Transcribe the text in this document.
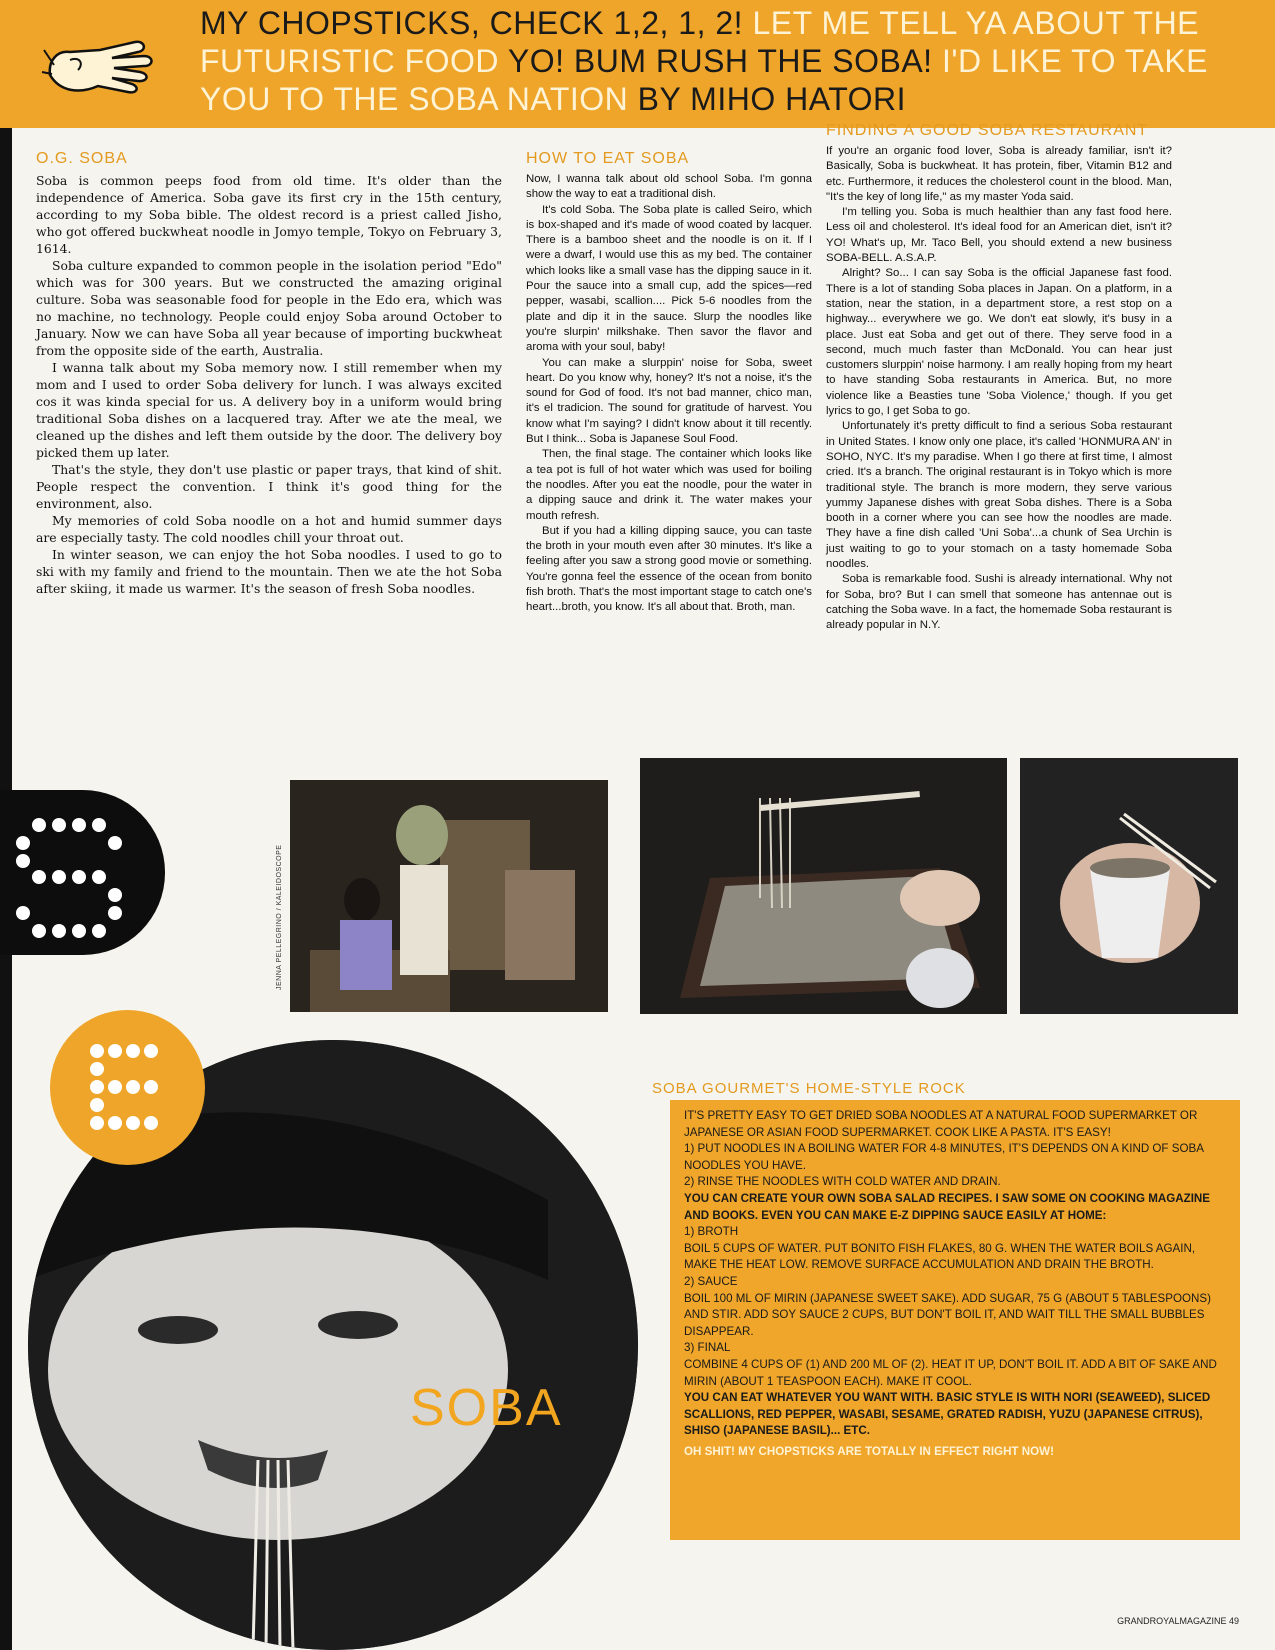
MY CHOPSTICKS, CHECK 1,2, 1, 2! LET ME TELL YA ABOUT THE FUTURISTIC FOOD YO! BUM RUSH THE SOBA! I'D LIKE TO TAKE YOU TO THE SOBA NATION BY MIHO HATORI
O.G. SOBA

Soba is common peeps food from old time. It's older than the independence of America. Soba gave its first cry in the 15th century, according to my Soba bible. The oldest record is a priest called Jisho, who got offered buckwheat noodle in Jomyo temple, Tokyo on February 3, 1614.

Soba culture expanded to common people in the isolation period "Edo" which was for 300 years. But we constructed the amazing original culture. Soba was seasonable food for people in the Edo era, which was no machine, no technology. People could enjoy Soba around October to January. Now we can have Soba all year because of importing buckwheat from the opposite side of the earth, Australia.

I wanna talk about my Soba memory now. I still remember when my mom and I used to order Soba delivery for lunch. I was always excited cos it was kinda special for us. A delivery boy in a uniform would bring traditional Soba dishes on a lacquered tray. After we ate the meal, we cleaned up the dishes and left them outside by the door. The delivery boy picked them up later.

That's the style, they don't use plastic or paper trays, that kind of shit. People respect the convention. I think it's good thing for the environment, also.

My memories of cold Soba noodle on a hot and humid summer days are especially tasty. The cold noodles chill your throat out.

In winter season, we can enjoy the hot Soba noodles. I used to go to ski with my family and friend to the mountain. Then we ate the hot Soba after skiing, it made us warmer. It's the season of fresh Soba noodles.

HOW TO EAT SOBA

Now, I wanna talk about old school Soba. I'm gonna show the way to eat a traditional dish.

It's cold Soba. The Soba plate is called Seiro, which is box-shaped and it's made of wood coated by lacquer. There is a bamboo sheet and the noodle is on it. If I were a dwarf, I would use this as my bed. The container which looks like a small vase has the dipping sauce in it. Pour the sauce into a small cup, add the spices—red pepper, wasabi, scallion.... Pick 5-6 noodles from the plate and dip it in the sauce. Slurp the noodles like you're slurpin' milkshake. Then savor the flavor and aroma with your soul, baby!

You can make a slurppin' noise for Soba, sweet heart. Do you know why, honey? It's not a noise, it's the sound for God of food. It's not bad manner, chico man, it's el tradicion. The sound for gratitude of harvest. You know what I'm saying? I didn't know about it till recently. But I think... Soba is Japanese Soul Food.

Then, the final stage. The container which looks like a tea pot is full of hot water which was used for boiling the noodles. After you eat the noodle, pour the water in a dipping sauce and drink it. The water makes your mouth refresh.

But if you had a killing dipping sauce, you can taste the broth in your mouth even after 30 minutes. It's like a feeling after you saw a strong good movie or something. You're gonna feel the essence of the ocean from bonito fish broth. That's the most important stage to catch one's heart...broth, you know. It's all about that. Broth, man.

FINDING A GOOD SOBA RESTAURANT

If you're an organic food lover, Soba is already familiar, isn't it? Basically, Soba is buckwheat. It has protein, fiber, Vitamin B12 and etc. Furthermore, it reduces the cholesterol count in the blood. Man, "It's the key of long life," as my master Yoda said.

I'm telling you. Soba is much healthier than any fast food here. Less oil and cholesterol. It's ideal food for an American diet, isn't it? YO! What's up, Mr. Taco Bell, you should extend a new business SOBA-BELL. A.S.A.P.

Alright? So... I can say Soba is the official Japanese fast food. There is a lot of standing Soba places in Japan. On a platform, in a station, near the station, in a department store, a rest stop on a highway... everywhere we go. We don't eat slowly, it's busy in a place. Just eat Soba and get out of there. They serve food in a second, much much faster than McDonald. You can hear just customers slurppin' noise harmony. I am really hoping from my heart to have standing Soba restaurants in America. But, no more violence like a Beasties tune 'Soba Violence,' though. If you get lyrics to go, I get Soba to go.

Unfortunately it's pretty difficult to find a serious Soba restaurant in United States. I know only one place, it's called 'HONMURA AN' in SOHO, NYC. It's my paradise. When I go there at first time, I almost cried. It's a branch. The original restaurant is in Tokyo which is more traditional style. The branch is more modern, they serve various yummy Japanese dishes with great Soba dishes. There is a Soba booth in a corner where you can see how the noodles are made. They have a fine dish called 'Uni Soba'...a chunk of Sea Urchin is just waiting to go to your stomach on a tasty homemade Soba noodles.

Soba is remarkable food. Sushi is already international. Why not for Soba, bro? But I can smell that someone has antennae out is catching the Soba wave. In a fact, the homemade Soba restaurant is already popular in N.Y.

JENNA PELLEGRINO / KALEIDOSCOPE
SOBA
SOBA GOURMET'S HOME-STYLE ROCK

IT'S PRETTY EASY TO GET DRIED SOBA NOODLES AT A NATURAL FOOD SUPERMARKET OR JAPANESE OR ASIAN FOOD SUPERMARKET. COOK LIKE A PASTA. IT'S EASY!

1) PUT NOODLES IN A BOILING WATER FOR 4-8 MINUTES, IT'S DEPENDS ON A KIND OF SOBA NOODLES YOU HAVE.

2) RINSE THE NOODLES WITH COLD WATER AND DRAIN.

YOU CAN CREATE YOUR OWN SOBA SALAD RECIPES. I SAW SOME ON COOKING MAGAZINE AND BOOKS. EVEN YOU CAN MAKE E-Z DIPPING SAUCE EASILY AT HOME:

1) BROTH

BOIL 5 CUPS OF WATER. PUT BONITO FISH FLAKES, 80 G. WHEN THE WATER BOILS AGAIN, MAKE THE HEAT LOW. REMOVE SURFACE ACCUMULATION AND DRAIN THE BROTH.

2) SAUCE

BOIL 100 ML OF MIRIN (JAPANESE SWEET SAKE). ADD SUGAR, 75 G (ABOUT 5 TABLESPOONS) AND STIR. ADD SOY SAUCE 2 CUPS, BUT DON'T BOIL IT, AND WAIT TILL THE SMALL BUBBLES DISAPPEAR.

3) FINAL

COMBINE 4 CUPS OF (1) AND 200 ML OF (2). HEAT IT UP, DON'T BOIL IT. ADD A BIT OF SAKE AND MIRIN (ABOUT 1 TEASPOON EACH). MAKE IT COOL.

YOU CAN EAT WHATEVER YOU WANT WITH. BASIC STYLE IS WITH NORI (SEAWEED), SLICED SCALLIONS, RED PEPPER, WASABI, SESAME, GRATED RADISH, YUZU (JAPANESE CITRUS), SHISO (JAPANESE BASIL)... ETC.

OH SHIT! MY CHOPSTICKS ARE TOTALLY IN EFFECT RIGHT NOW!

GRANDROYALMAGAZINE 49
